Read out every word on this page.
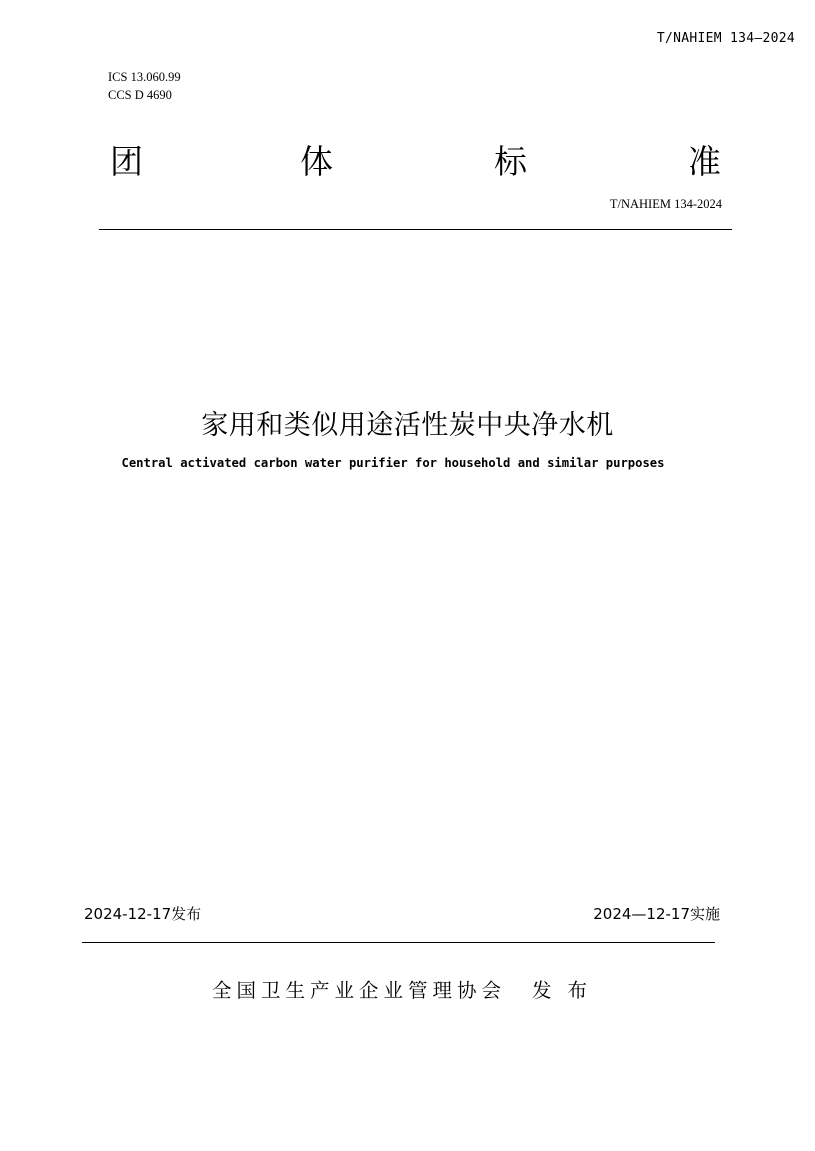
T/NAHIEM 134—2024
ICS 13.060.99
CCS D 4690
团	体	标	准
T/NAHIEM 134-2024
家用和类似用途活性炭中央净水机
Central activated carbon water purifier for household and similar purposes
2024-12-17发布	2024—12-17实施
全国卫生产业企业管理协会 发布
